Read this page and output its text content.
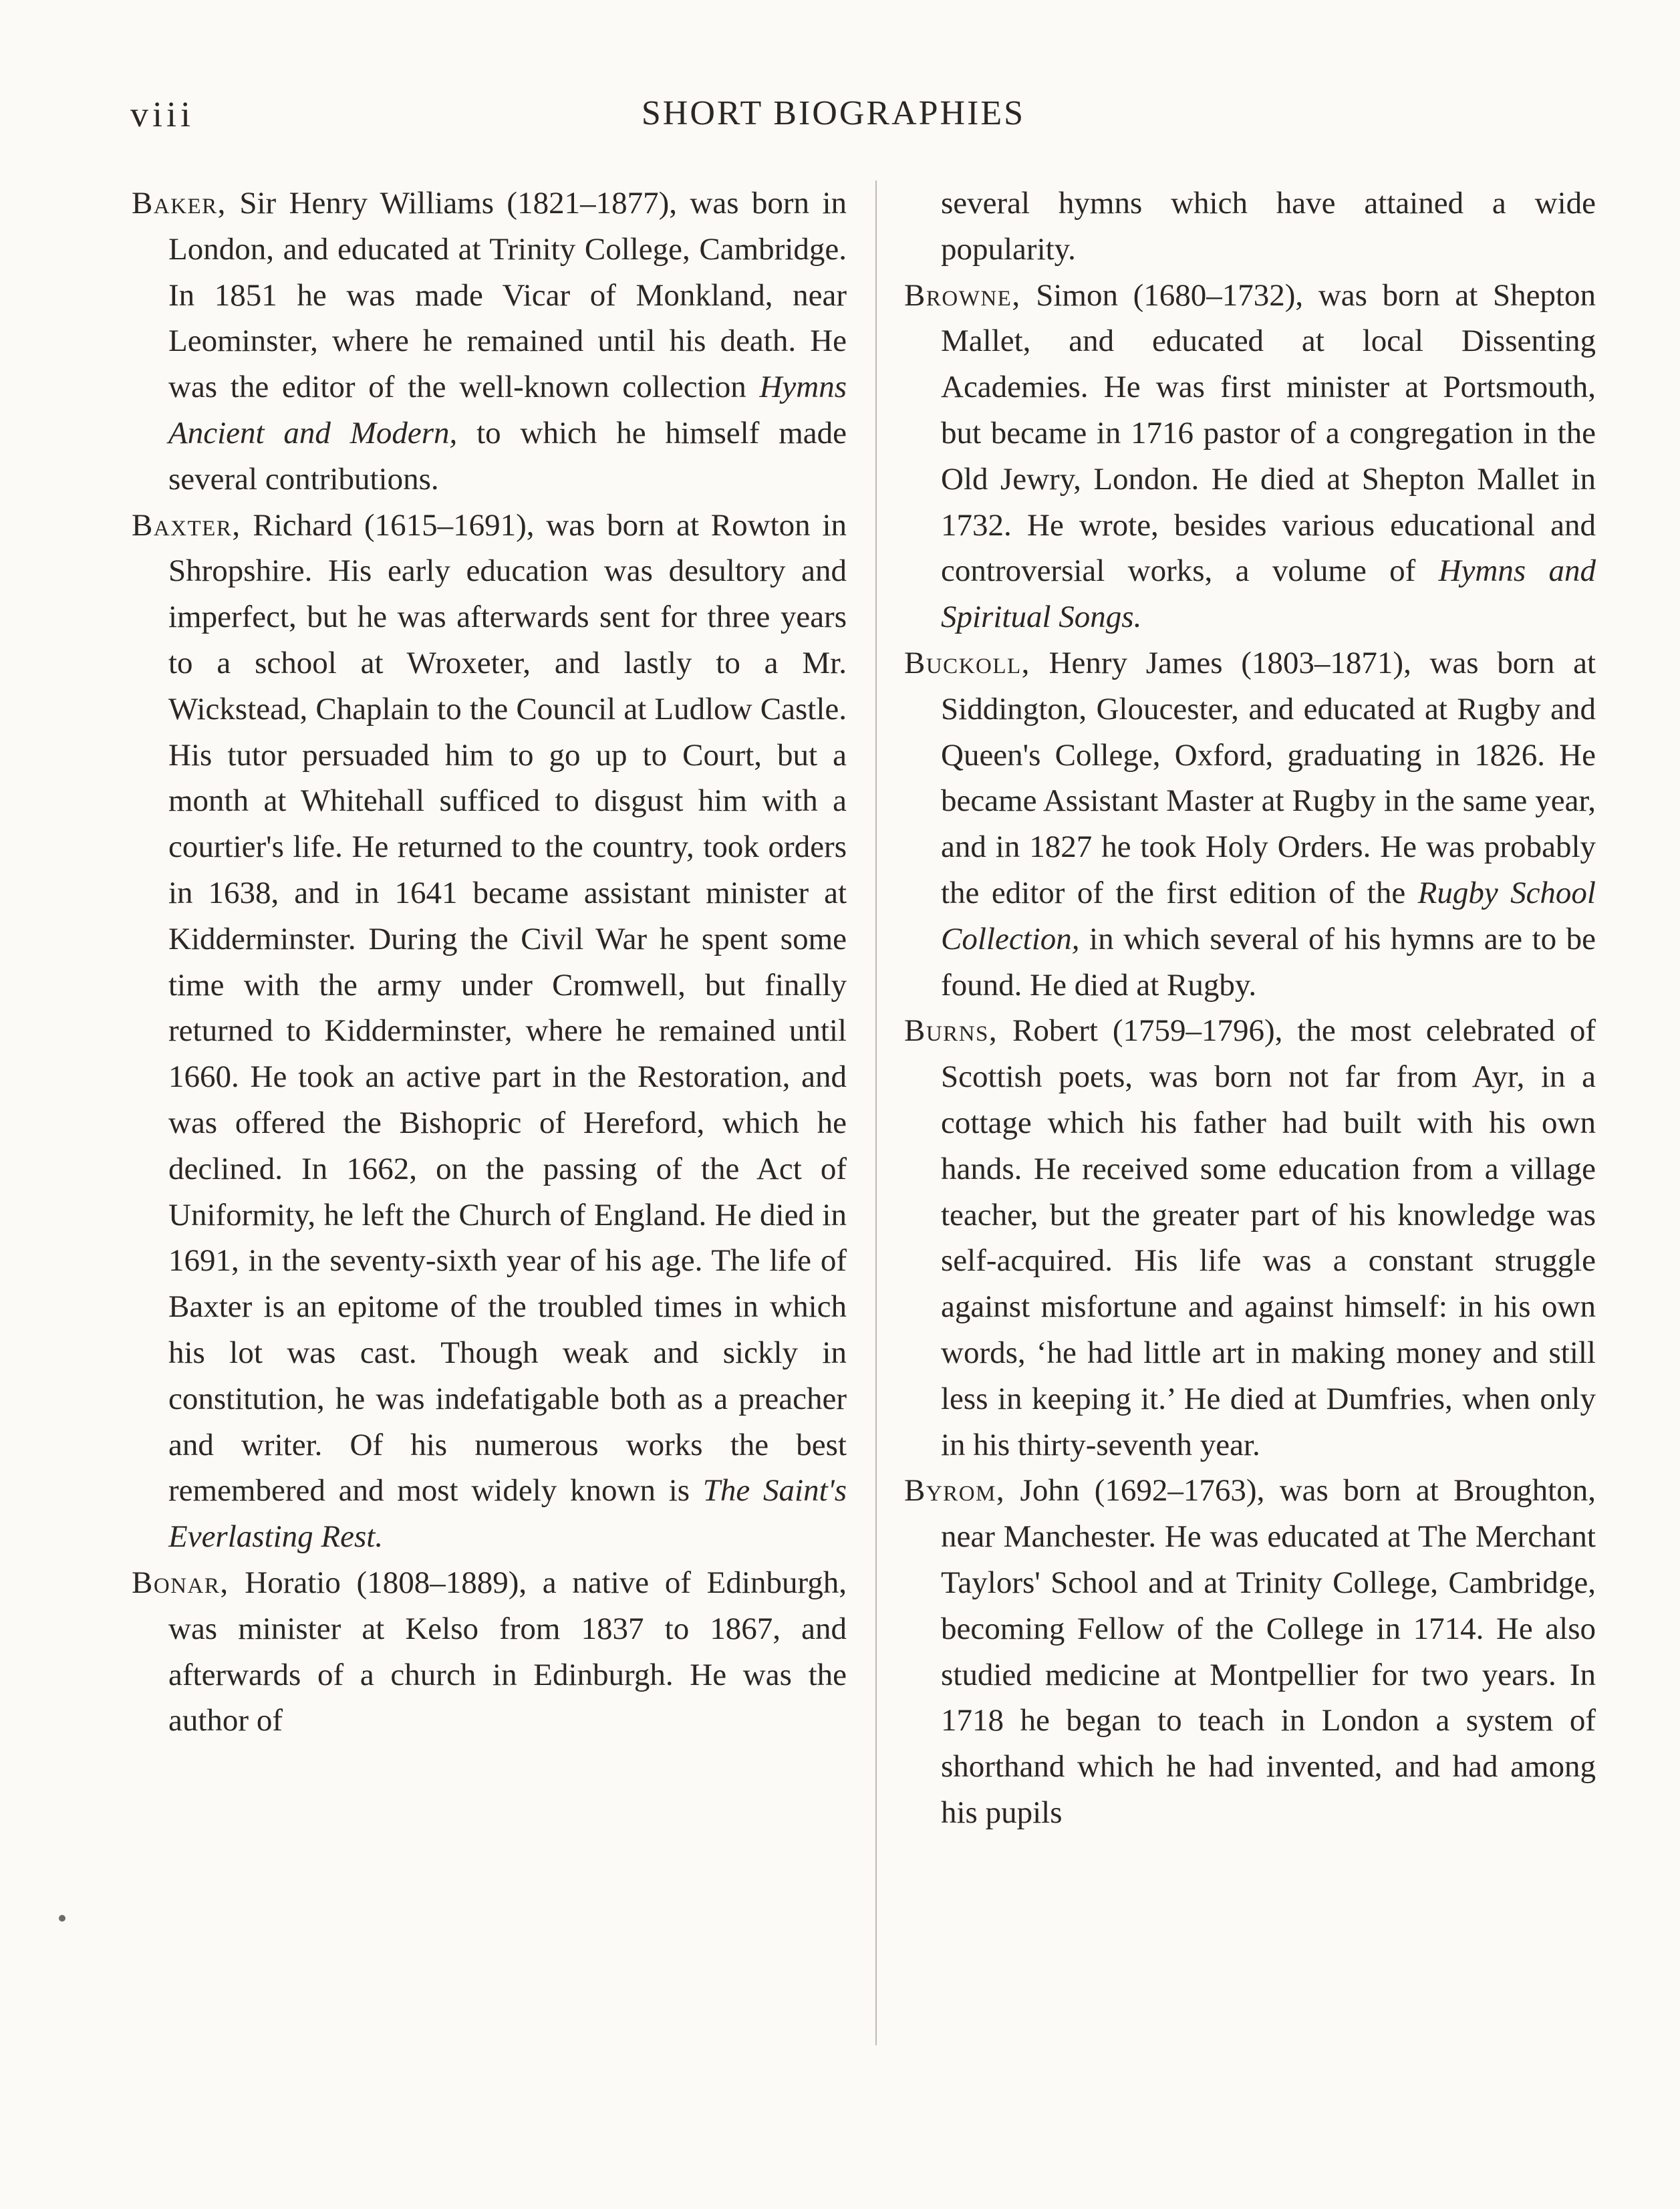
viii	SHORT BIOGRAPHIES

Baker, Sir Henry Williams (1821–1877), was born in London, and educated at Trinity College, Cambridge. In 1851 he was made Vicar of Monkland, near Leominster, where he remained until his death. He was the editor of the well-known collection Hymns Ancient and Modern, to which he himself made several contributions.

Baxter, Richard (1615–1691), was born at Rowton in Shropshire. His early education was desultory and imperfect, but he was afterwards sent for three years to a school at Wroxeter, and lastly to a Mr. Wickstead, Chaplain to the Council at Ludlow Castle. His tutor persuaded him to go up to Court, but a month at Whitehall sufficed to disgust him with a courtier's life. He returned to the country, took orders in 1638, and in 1641 became assistant minister at Kidderminster. During the Civil War he spent some time with the army under Cromwell, but finally returned to Kidderminster, where he remained until 1660. He took an active part in the Restoration, and was offered the Bishopric of Hereford, which he declined. In 1662, on the passing of the Act of Uniformity, he left the Church of England. He died in 1691, in the seventy-sixth year of his age. The life of Baxter is an epitome of the troubled times in which his lot was cast. Though weak and sickly in constitution, he was indefatigable both as a preacher and writer. Of his numerous works the best remembered and most widely known is The Saint's Everlasting Rest.

Bonar, Horatio (1808–1889), a native of Edinburgh, was minister at Kelso from 1837 to 1867, and afterwards of a church in Edinburgh. He was the author of

several hymns which have attained a wide popularity.

Browne, Simon (1680–1732), was born at Shepton Mallet, and educated at local Dissenting Academies. He was first minister at Portsmouth, but became in 1716 pastor of a congregation in the Old Jewry, London. He died at Shepton Mallet in 1732. He wrote, besides various educational and controversial works, a volume of Hymns and Spiritual Songs.

Buckoll, Henry James (1803–1871), was born at Siddington, Gloucester, and educated at Rugby and Queen's College, Oxford, graduating in 1826. He became Assistant Master at Rugby in the same year, and in 1827 he took Holy Orders. He was probably the editor of the first edition of the Rugby School Collection, in which several of his hymns are to be found. He died at Rugby.

Burns, Robert (1759–1796), the most celebrated of Scottish poets, was born not far from Ayr, in a cottage which his father had built with his own hands. He received some education from a village teacher, but the greater part of his knowledge was self-acquired. His life was a constant struggle against misfortune and against himself: in his own words, ‘he had little art in making money and still less in keeping it.’ He died at Dumfries, when only in his thirty-seventh year.

Byrom, John (1692–1763), was born at Broughton, near Manchester. He was educated at The Merchant Taylors' School and at Trinity College, Cambridge, becoming Fellow of the College in 1714. He also studied medicine at Montpellier for two years. In 1718 he began to teach in London a system of shorthand which he had invented, and had among his pupils
